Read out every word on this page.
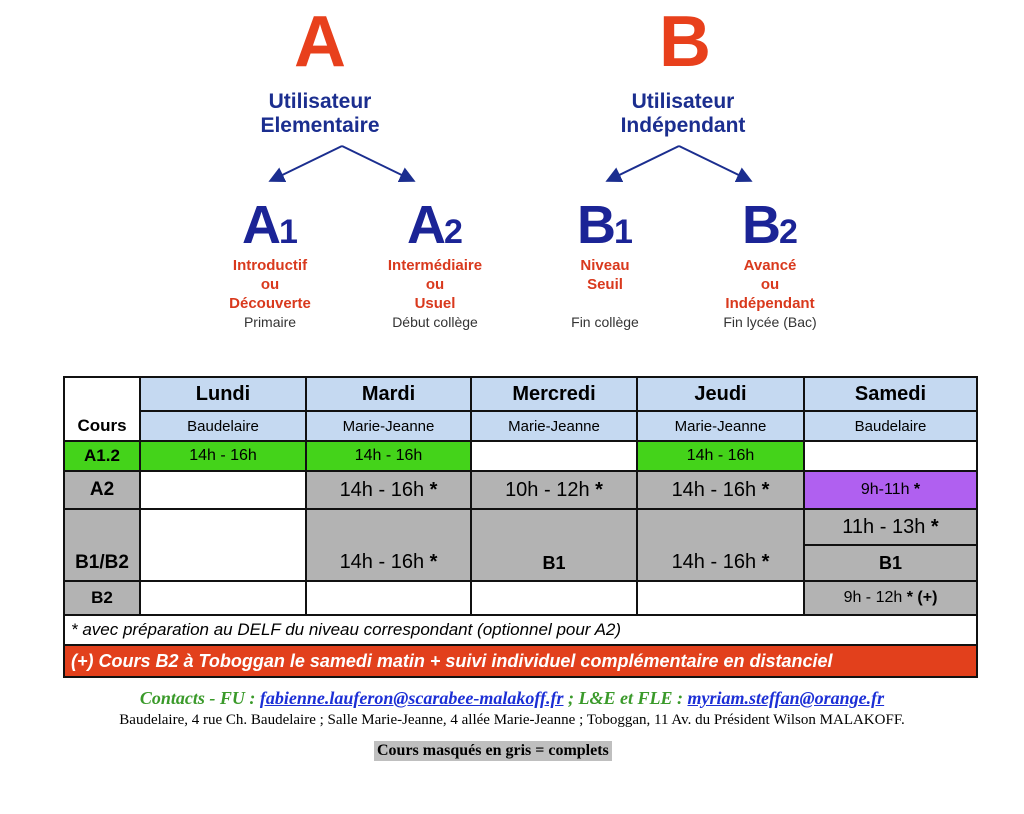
A	B
Utilisateur
Elementaire
Utilisateur
Indépendant
A1
Introductif
ou
Découverte
Primaire
A2
Intermédiaire
ou
Usuel
Début collège
B1
Niveau
Seuil
Fin collège
B2
Avancé
ou
Indépendant
Fin lycée (Bac)
Cours	Lundi	Mardi	Mercredi	Jeudi	Samedi
	Baudelaire	Marie-Jeanne	Marie-Jeanne	Marie-Jeanne	Baudelaire
A1.2	14h - 16h	14h - 16h		14h - 16h	
A2		14h - 16h *	10h - 12h *	14h - 16h *	9h-11h *
B1/B2		14h - 16h *	B1	14h - 16h *	11h - 13h *
					B1
B2					9h - 12h * (+)
* avec préparation au DELF du niveau correspondant (optionnel pour A2)					
(+) Cours B2 à Toboggan le samedi matin + suivi individuel complémentaire en distanciel					
Contacts - FU : fabienne.lauferon@scarabee-malakoff.fr ; L&E et FLE : myriam.steffan@orange.fr
Baudelaire, 4 rue Ch. Baudelaire ; Salle Marie-Jeanne, 4 allée Marie-Jeanne ; Toboggan, 11 Av. du Président Wilson MALAKOFF.
Cours masqués en gris = complets
